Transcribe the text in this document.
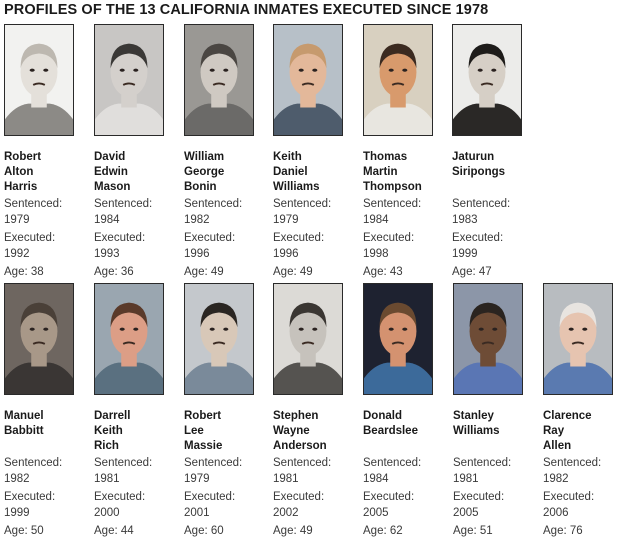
PROFILES OF THE 13 CALIFORNIA INMATES EXECUTED SINCE 1978
Robert
Alton
Harris
Sentenced:
1979
Executed:
1992
Age: 38
David
Edwin
Mason
Sentenced:
1984
Executed:
1993
Age: 36
William
George
Bonin
Sentenced:
1982
Executed:
1996
Age: 49
Keith
Daniel
Williams
Sentenced:
1979
Executed:
1996
Age: 49
Thomas
Martin
Thompson
Sentenced:
1984
Executed:
1998
Age: 43
Jaturun
Siripongs
Sentenced:
1983
Executed:
1999
Age: 47
Manuel
Babbitt
Sentenced:
1982
Executed:
1999
Age: 50
Darrell
Keith
Rich
Sentenced:
1981
Executed:
2000
Age: 44
Robert
Lee
Massie
Sentenced:
1979
Executed:
2001
Age: 60
Stephen
Wayne
Anderson
Sentenced:
1981
Executed:
2002
Age: 49
Donald
Beardslee
Sentenced:
1984
Executed:
2005
Age: 62
Stanley
Williams
Sentenced:
1981
Executed:
2005
Age: 51
Clarence
Ray
Allen
Sentenced:
1982
Executed:
2006
Age: 76
